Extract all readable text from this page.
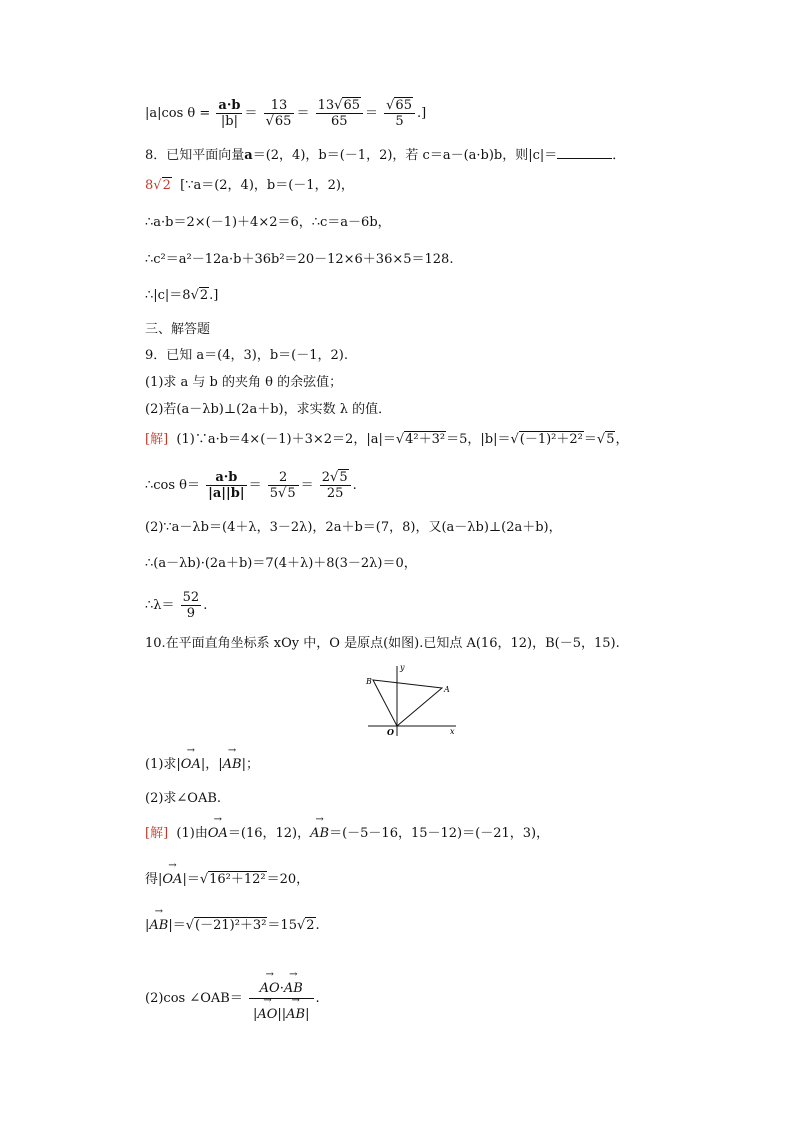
|a|cos $\theta = \frac{a\cdot b}{|b|} = \frac{13}{√65} = \frac{13√65}{65} = \frac{√65}{5}$ .]
8．已知平面向量a＝(2，4)，b＝(－1，2)，若 c＝a－(a·b)b，则|c|＝	．
8√2 [∵a＝(2，4)，b＝(－1，2)，
∴a·b＝2×(－1)＋4×2＝6，∴c＝a－6b，
∴c²＝a²－12a·b＋36b²＝20－12×6＋36×5＝128.
∴|c|＝8√2.]
三、解答题
9．已知 a＝(4，3)，b＝(－1，2).
(1)求 a 与 b 的夹角 θ 的余弦值；
(2)若(a－λb)⊥(2a＋b)，求实数 λ 的值．
[解] (1)∵a·b＝4×(－1)＋3×2＝2，|a|＝√4²＋3²＝5，|b|＝√(－1)²＋2²＝√5，
∴cos $\theta= \frac{a\cdot b}{|a||b|} = \frac{2}{5√5} = \frac{2√5}{25}$ .
(2)∵a－λb＝(4＋λ，3－2λ)，2a＋b＝(7，8)，又(a－λb)⊥(2a＋b)，
∴(a－λb)·(2a＋b)＝7(4＋λ)＋8(3－2λ)＝0，
∴λ＝ $\frac{52}{9}$ .
10.在平面直角坐标系 xOy 中，O 是原点(如图).已知点 A(16，12)，B(－5，15).
y
x
O
A
B
(1)求|→ OA|，|→ AB|；
(2)求∠OAB.
[解] (1)由→ OA＝(16，12)，→ AB＝(－5－16，15－12)＝(－21，3)，
得|→ OA|＝√16²＋12²＝20，
|→ AB|＝√(－21)²＋3²＝15√2.
(2)cos ∠OAB＝
→ $\frac{AO\cdot\to AB}{|\to AO||\to AB|}$ .
